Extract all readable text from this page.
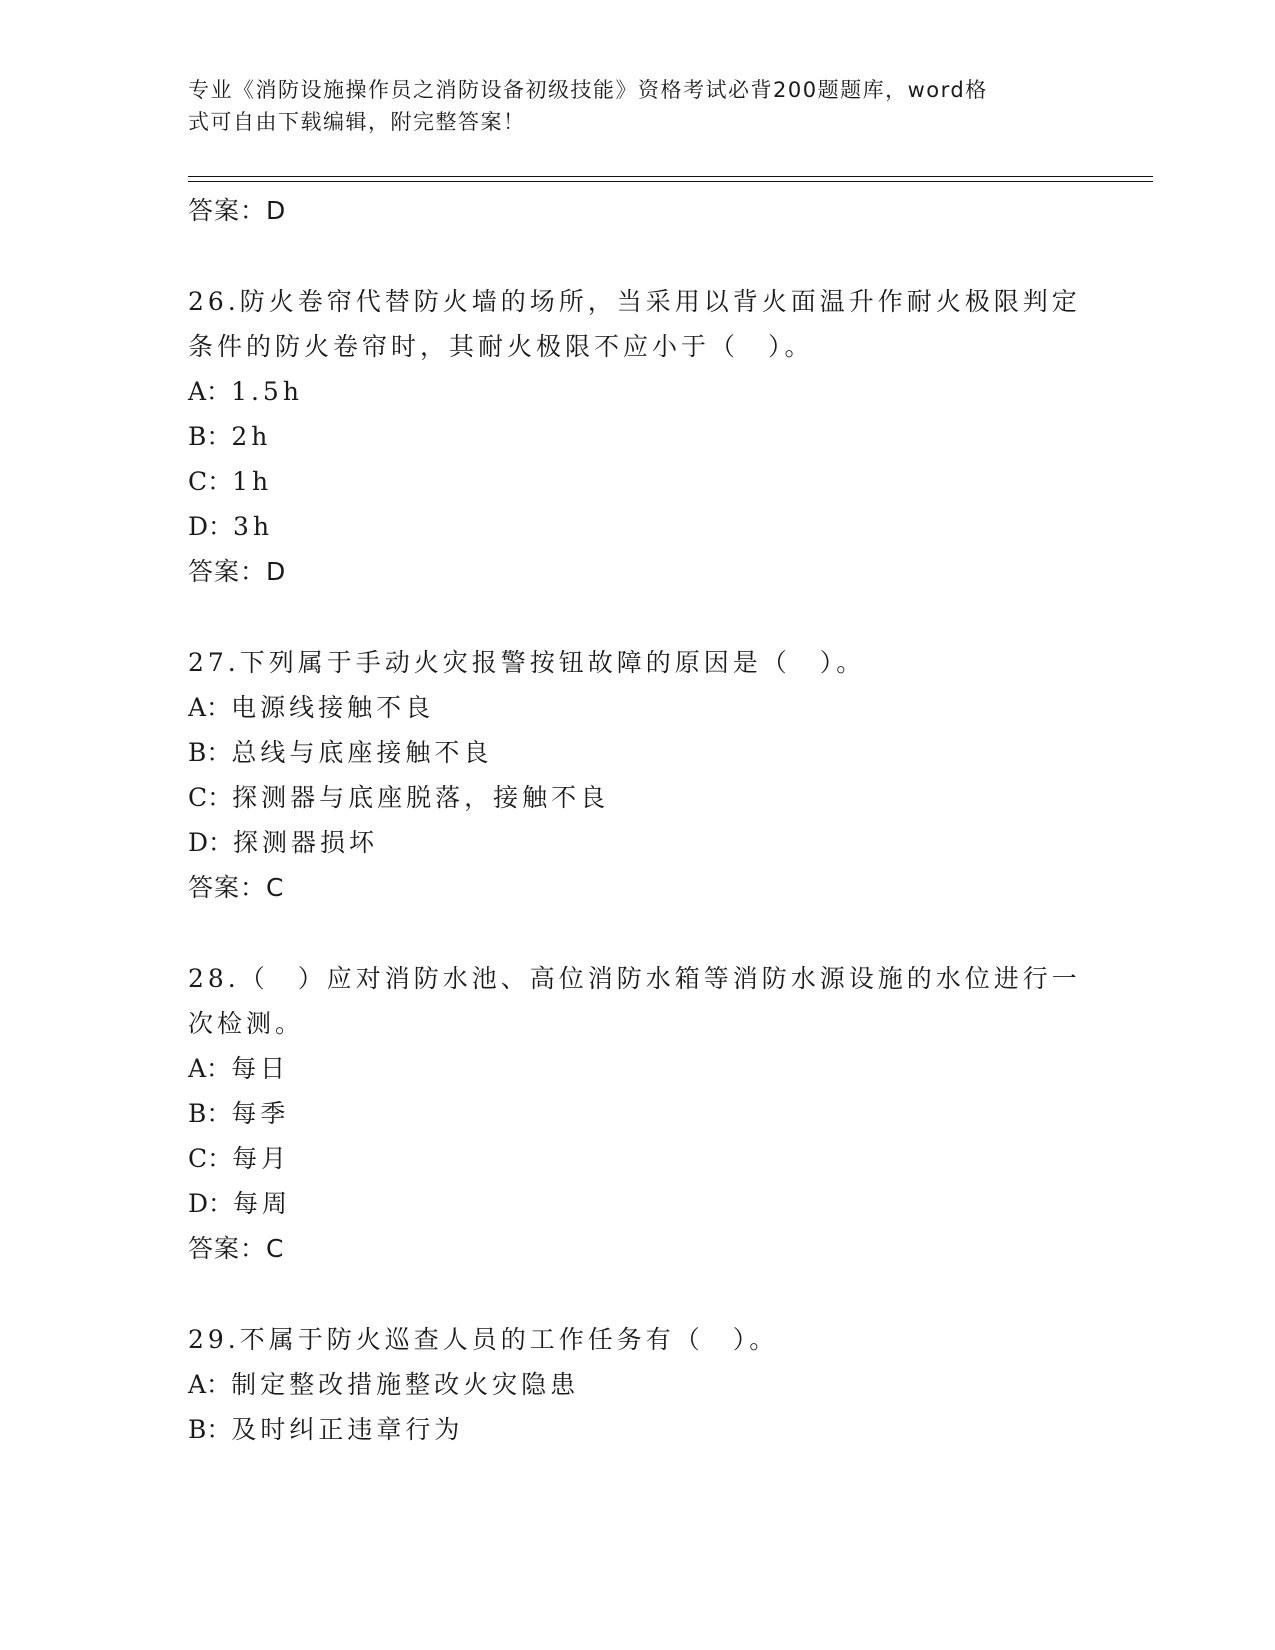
专业《消防设施操作员之消防设备初级技能》资格考试必背200题题库，word格
式可自由下载编辑，附完整答案！
答案：D
26.防火卷帘代替防火墙的场所，当采用以背火面温升作耐火极限判定条件的防火卷帘时，其耐火极限不应小于（　）。
A：1.5h
B：2h
C：1h
D：3h
答案：D
27.下列属于手动火灾报警按钮故障的原因是（　）。
A：电源线接触不良
B：总线与底座接触不良
C：探测器与底座脱落，接触不良
D：探测器损坏
答案：C
28.（　）应对消防水池、高位消防水箱等消防水源设施的水位进行一次检测。
A：每日
B：每季
C：每月
D：每周
答案：C
29.不属于防火巡查人员的工作任务有（　）。
A：制定整改措施整改火灾隐患
B：及时纠正违章行为
